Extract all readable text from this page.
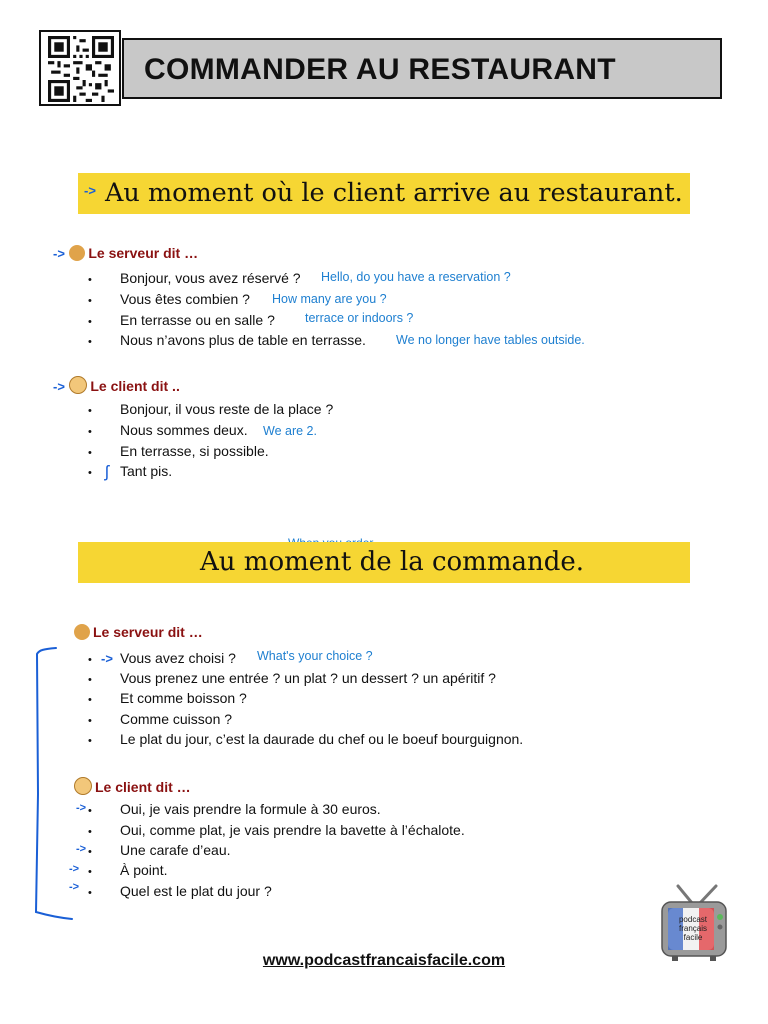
COMMANDER AU RESTAURANT
-> Au moment où le client arrive au restaurant.
-> Le serveur dit …
• Bonjour, vous avez réservé ? Hello, do you have a reservation ?
• Vous êtes combien ? How many are you ?
• En terrasse ou en salle ? terrace or indoors ?
• Nous n’avons plus de table en terrasse. We no longer have tables outside.
-> Le client dit ..
• Bonjour, il vous reste de la place ?
• Nous sommes deux. We are 2.
• En terrasse, si possible.
• ʃ Tant pis.
Au moment de la commande.
Le serveur dit …
• -> Vous avez choisi ? What's your choice ?
• Vous prenez une entrée ? un plat ? un dessert ? un apéritif ?
• Et comme boisson ?
• Comme cuisson ?
• Le plat du jour, c’est la daurade du chef ou le boeuf bourguignon.
Le client dit …
-> • Oui, je vais prendre la formule à 30 euros.
• Oui, comme plat, je vais prendre la bavette à l’échalote.
-> • Une carafe d’eau.
-> • À point.
-> • Quel est le plat du jour ?
podcast français facile
www.podcastfrancaisfacile.com
